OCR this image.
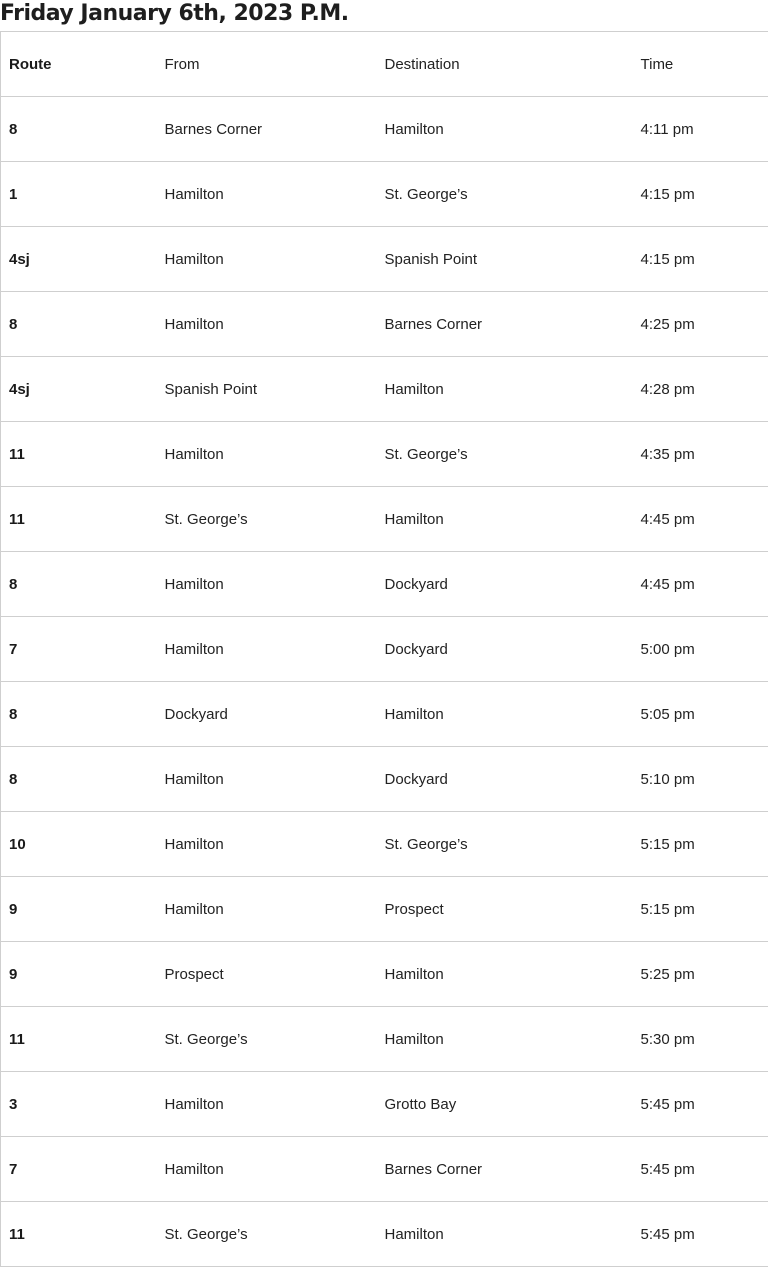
Friday January 6th, 2023 P.M.
Route	From	Destination	Time
8	Barnes Corner	Hamilton	4:11 pm
1	Hamilton	St. George’s	4:15 pm
4sj	Hamilton	Spanish Point	4:15 pm
8	Hamilton	Barnes Corner	4:25 pm
4sj	Spanish Point	Hamilton	4:28 pm
11	Hamilton	St. George’s	4:35 pm
11	St. George’s	Hamilton	4:45 pm
8	Hamilton	Dockyard	4:45 pm
7	Hamilton	Dockyard	5:00 pm
8	Dockyard	Hamilton	5:05 pm
8	Hamilton	Dockyard	5:10 pm
10	Hamilton	St. George’s	5:15 pm
9	Hamilton	Prospect	5:15 pm
9	Prospect	Hamilton	5:25 pm
11	St. George’s	Hamilton	5:30 pm
3	Hamilton	Grotto Bay	5:45 pm
7	Hamilton	Barnes Corner	5:45 pm
11	St. George’s	Hamilton	5:45 pm
